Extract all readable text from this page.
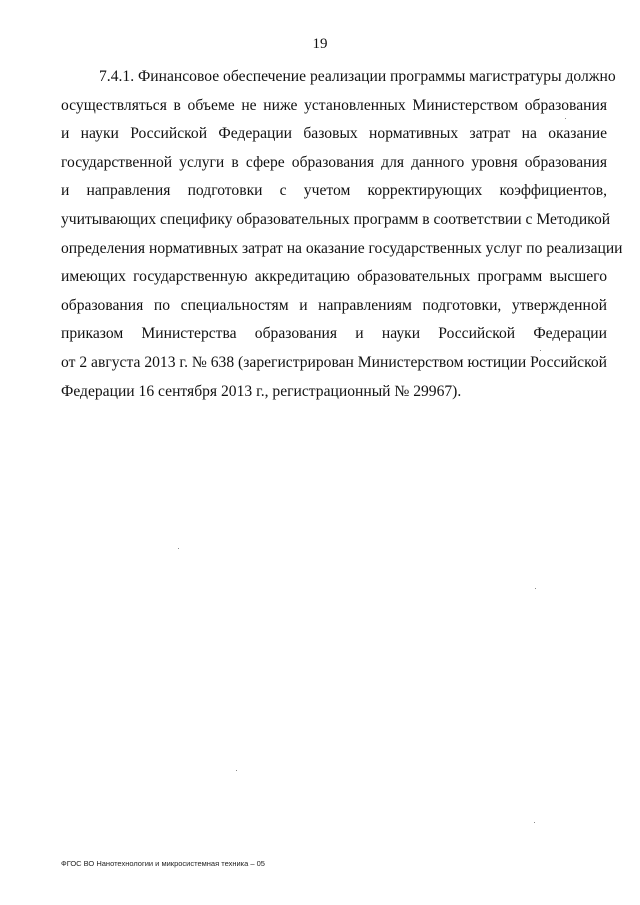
19
7.4.1. Финансовое обеспечение реализации программы магистратуры должно
осуществляться в объеме не ниже установленных Министерством образования
и науки Российской Федерации базовых нормативных затрат на оказание
государственной услуги в сфере образования для данного уровня образования
и направления подготовки с учетом корректирующих коэффициентов,
учитывающих специфику образовательных программ в соответствии с Методикой
определения нормативных затрат на оказание государственных услуг по реализации
имеющих государственную аккредитацию образовательных программ высшего
образования по специальностям и направлениям подготовки, утвержденной
приказом Министерства образования и науки Российской Федерации
от 2 августа 2013 г. № 638 (зарегистрирован Министерством юстиции Российской
Федерации 16 сентября 2013 г., регистрационный № 29967).
ФГОС ВО Нанотехнологии и микросистемная техника – 05
